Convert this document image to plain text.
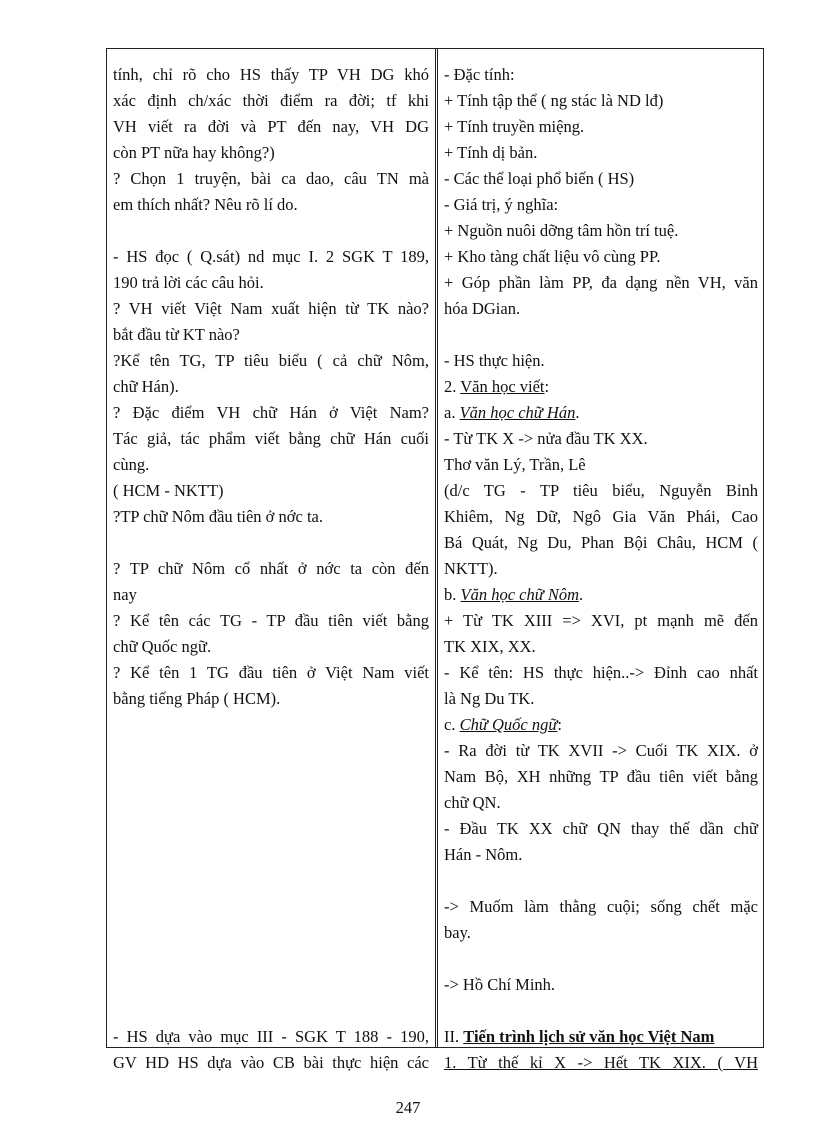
tính, chỉ rõ cho HS thấy TP VH DG khó
xác định ch/xác thời điểm ra đời; tf khi
VH viết ra đời và PT đến nay, VH DG
còn PT nữa hay không?)
? Chọn 1 truyện, bài ca dao, câu TN mà
em thích nhất? Nêu rõ lí do.
- HS đọc ( Q.sát) nd mục I. 2 SGK T 189,
190 trả lời các câu hỏi.
? VH viết Việt Nam xuất hiện từ TK nào?
bắt đầu từ KT nào?
?Kể tên TG, TP tiêu biểu ( cả chữ Nôm,
chữ Hán).
? Đặc điểm VH chữ Hán ở Việt Nam?
Tác giả, tác phẩm viết bằng chữ Hán cuối
cùng.
( HCM - NKTT)
?TP chữ Nôm đầu tiên ở nớc ta.
? TP chữ Nôm cổ nhất ở nớc ta còn đến
nay
? Kể tên các TG - TP đầu tiên viết bằng
chữ Quốc ngữ.
? Kể tên 1 TG đầu tiên ở Việt Nam viết
bằng tiếng Pháp ( HCM).
- HS dựa vào mục III - SGK T 188 - 190,
GV HD HS dựa vào CB bài thực hiện các
- Đặc tính:
+ Tính tập thể ( ng stác là ND lđ)
+ Tính truyền miệng.
+ Tính dị bản.
- Các thể loại phổ biến ( HS)
- Giá trị, ý nghĩa:
+ Nguồn nuôi dỡng tâm hồn trí tuệ.
+ Kho tàng chất liệu vô cùng PP.
+ Góp phần làm PP, đa dạng nền VH, văn
hóa DGian.
- HS thực hiện.
2. Văn học viết:
a. Văn học chữ Hán.
- Từ TK X -> nửa đầu TK XX.
Thơ văn Lý, Trần, Lê
(d/c TG - TP tiêu biểu, Nguyễn Bỉnh
Khiêm, Ng Dữ, Ngô Gia Văn Phái, Cao
Bá Quát, Ng Du, Phan Bội Châu, HCM (
NKTT).
b. Văn học chữ Nôm.
+ Từ TK XIII => XVI, pt mạnh mẽ đến
TK XIX, XX.
- Kể tên: HS thực hiện..-> Đỉnh cao nhất
là Ng Du TK.
c. Chữ Quốc ngữ:
- Ra đời từ TK XVII -> Cuối TK XIX. ở
Nam Bộ, XH những TP đầu tiên viết bằng
chữ QN.
- Đầu TK XX chữ QN thay thế dần chữ
Hán - Nôm.
-> Muốm làm thằng cuội; sống chết mặc
bay.
-> Hồ Chí Minh.
II. Tiến trình lịch sử văn học Việt Nam
1. Từ thế kỉ X -> Hết TK XIX. ( VH
247
